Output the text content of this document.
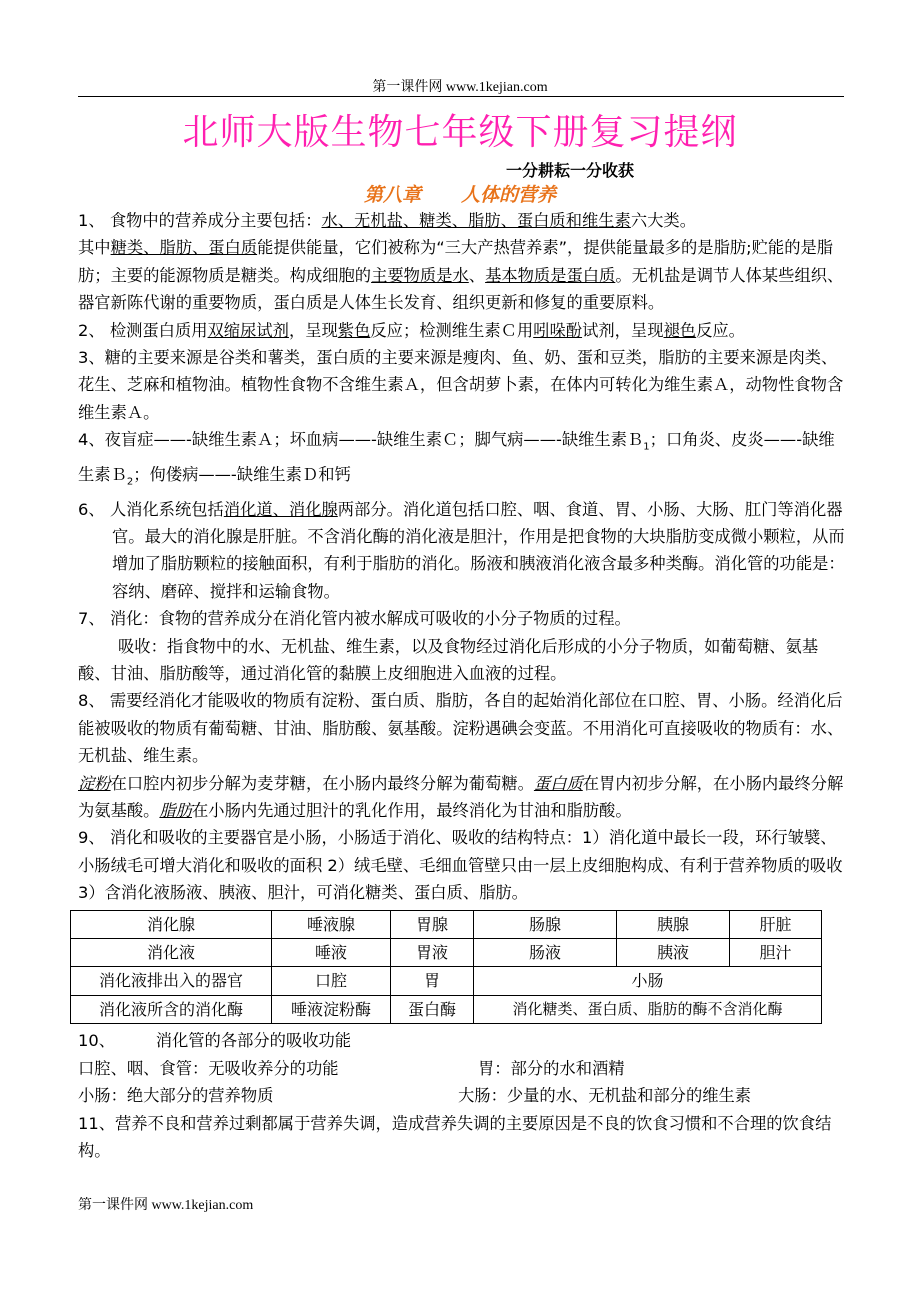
第一课件网 www.1kejian.com
北师大版生物七年级下册复习提纲
一分耕耘一分收获
第八章 人体的营养

1、 食物中的营养成分主要包括：水、无机盐、糖类、脂肪、蛋白质和维生素六大类。

其中糖类、脂肪、蛋白质能提供能量，它们被称为“三大产热营养素”，提供能量最多的是脂肪;贮能的是脂肪；主要的能源物质是糖类。构成细胞的主要物质是水、基本物质是蛋白质。无机盐是调节人体某些组织、器官新陈代谢的重要物质，蛋白质是人体生长发育、组织更新和修复的重要原料。

2、 检测蛋白质用双缩尿试剂，呈现紫色反应；检测维生素Ｃ用吲哚酚试剂，呈现褪色反应。

3、糖的主要来源是谷类和薯类，蛋白质的主要来源是瘦肉、鱼、奶、蛋和豆类，脂肪的主要来源是肉类、花生、芝麻和植物油。植物性食物不含维生素Ａ，但含胡萝卜素，在体内可转化为维生素Ａ，动物性食物含维生素Ａ。

4、夜盲症——-缺维生素Ａ；坏血病——-缺维生素Ｃ；脚气病——-缺维生素Ｂ$_1$；口角炎、皮炎——-缺维生素Ｂ$_2$；佝偻病——-缺维生素Ｄ和钙

6、 人消化系统包括消化道、消化腺两部分。消化道包括口腔、咽、食道、胃、小肠、大肠、肛门等消化器官。最大的消化腺是肝脏。不含消化酶的消化液是胆汁，作用是把食物的大块脂肪变成微小颗粒，从而增加了脂肪颗粒的接触面积，有利于脂肪的消化。肠液和胰液消化液含最多种类酶。消化管的功能是：容纳、磨碎、搅拌和运输食物。

7、 消化：食物的营养成分在消化管内被水解成可吸收的小分子物质的过程。

吸收：指食物中的水、无机盐、维生素，以及食物经过消化后形成的小分子物质，如葡萄糖、氨基酸、甘油、脂肪酸等，通过消化管的黏膜上皮细胞进入血液的过程。

8、 需要经消化才能吸收的物质有淀粉、蛋白质、脂肪，各自的起始消化部位在口腔、胃、小肠。经消化后能被吸收的物质有葡萄糖、甘油、脂肪酸、氨基酸。淀粉遇碘会变蓝。不用消化可直接吸收的物质有：水、无机盐、维生素。

淀粉在口腔内初步分解为麦芽糖，在小肠内最终分解为葡萄糖。蛋白质在胃内初步分解，在小肠内最终分解为氨基酸。脂肪在小肠内先通过胆汁的乳化作用，最终消化为甘油和脂肪酸。

9、 消化和吸收的主要器官是小肠，小肠适于消化、吸收的结构特点：1）消化道中最长一段，环行皱襞、小肠绒毛可增大消化和吸收的面积 2）绒毛壁、毛细血管壁只由一层上皮细胞构成、有利于营养物质的吸收 3）含消化液肠液、胰液、胆汁，可消化糖类、蛋白质、脂肪。

消化腺	唾液腺	胃腺	肠腺	胰腺	肝脏
消化液	唾液	胃液	肠液	胰液	胆汁
消化液排出入的器官	口腔	胃	小肠		
消化液所含的消化酶	唾液淀粉酶	蛋白酶	消化糖类、蛋白质、脂肪的酶不含消化酶		

10、　　　消化管的各部分的吸收功能

口腔、咽、食管：无吸收养分的功能	胃：部分的水和酒精

小肠：绝大部分的营养物质	大肠：少量的水、无机盐和部分的维生素

11、营养不良和营养过剩都属于营养失调，造成营养失调的主要原因是不良的饮食习惯和不合理的饮食结构。

第一课件网 www.1kejian.com
